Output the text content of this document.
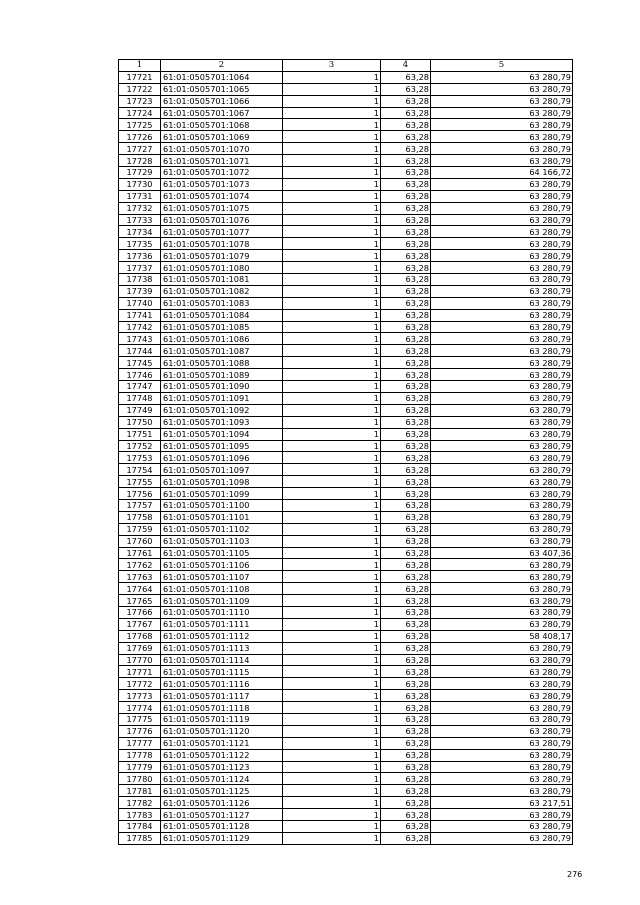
1	2	3	4	5
17721	61:01:0505701:1064	1	63,28	63 280,79
17722	61:01:0505701:1065	1	63,28	63 280,79
17723	61:01:0505701:1066	1	63,28	63 280,79
17724	61:01:0505701:1067	1	63,28	63 280,79
17725	61:01:0505701:1068	1	63,28	63 280,79
17726	61:01:0505701:1069	1	63,28	63 280,79
17727	61:01:0505701:1070	1	63,28	63 280,79
17728	61:01:0505701:1071	1	63,28	63 280,79
17729	61:01:0505701:1072	1	63,28	64 166,72
17730	61:01:0505701:1073	1	63,28	63 280,79
17731	61:01:0505701:1074	1	63,28	63 280,79
17732	61:01:0505701:1075	1	63,28	63 280,79
17733	61:01:0505701:1076	1	63,28	63 280,79
17734	61:01:0505701:1077	1	63,28	63 280,79
17735	61:01:0505701:1078	1	63,28	63 280,79
17736	61:01:0505701:1079	1	63,28	63 280,79
17737	61:01:0505701:1080	1	63,28	63 280,79
17738	61:01:0505701:1081	1	63,28	63 280,79
17739	61:01:0505701:1082	1	63,28	63 280,79
17740	61:01:0505701:1083	1	63,28	63 280,79
17741	61:01:0505701:1084	1	63,28	63 280,79
17742	61:01:0505701:1085	1	63,28	63 280,79
17743	61:01:0505701:1086	1	63,28	63 280,79
17744	61:01:0505701:1087	1	63,28	63 280,79
17745	61:01:0505701:1088	1	63,28	63 280,79
17746	61:01:0505701:1089	1	63,28	63 280,79
17747	61:01:0505701:1090	1	63,28	63 280,79
17748	61:01:0505701:1091	1	63,28	63 280,79
17749	61:01:0505701:1092	1	63,28	63 280,79
17750	61:01:0505701:1093	1	63,28	63 280,79
17751	61:01:0505701:1094	1	63,28	63 280,79
17752	61:01:0505701:1095	1	63,28	63 280,79
17753	61:01:0505701:1096	1	63,28	63 280,79
17754	61:01:0505701:1097	1	63,28	63 280,79
17755	61:01:0505701:1098	1	63,28	63 280,79
17756	61:01:0505701:1099	1	63,28	63 280,79
17757	61:01:0505701:1100	1	63,28	63 280,79
17758	61:01:0505701:1101	1	63,28	63 280,79
17759	61:01:0505701:1102	1	63,28	63 280,79
17760	61:01:0505701:1103	1	63,28	63 280,79
17761	61:01:0505701:1105	1	63,28	63 407,36
17762	61:01:0505701:1106	1	63,28	63 280,79
17763	61:01:0505701:1107	1	63,28	63 280,79
17764	61:01:0505701:1108	1	63,28	63 280,79
17765	61:01:0505701:1109	1	63,28	63 280,79
17766	61:01:0505701:1110	1	63,28	63 280,79
17767	61:01:0505701:1111	1	63,28	63 280,79
17768	61:01:0505701:1112	1	63,28	58 408,17
17769	61:01:0505701:1113	1	63,28	63 280,79
17770	61:01:0505701:1114	1	63,28	63 280,79
17771	61:01:0505701:1115	1	63,28	63 280,79
17772	61:01:0505701:1116	1	63,28	63 280,79
17773	61:01:0505701:1117	1	63,28	63 280,79
17774	61:01:0505701:1118	1	63,28	63 280,79
17775	61:01:0505701:1119	1	63,28	63 280,79
17776	61:01:0505701:1120	1	63,28	63 280,79
17777	61:01:0505701:1121	1	63,28	63 280,79
17778	61:01:0505701:1122	1	63,28	63 280,79
17779	61:01:0505701:1123	1	63,28	63 280,79
17780	61:01:0505701:1124	1	63,28	63 280,79
17781	61:01:0505701:1125	1	63,28	63 280,79
17782	61:01:0505701:1126	1	63,28	63 217,51
17783	61:01:0505701:1127	1	63,28	63 280,79
17784	61:01:0505701:1128	1	63,28	63 280,79
17785	61:01:0505701:1129	1	63,28	63 280,79
276
